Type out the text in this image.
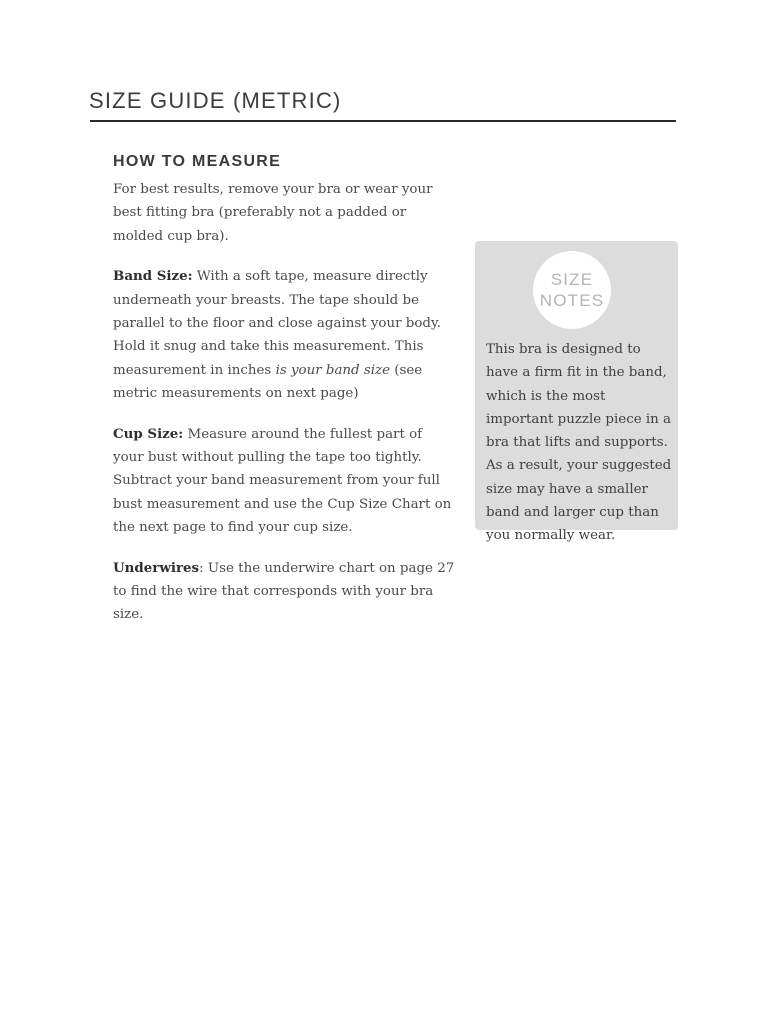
SIZE GUIDE (METRIC)
HOW TO MEASURE

For best results, remove your bra or wear your best fitting bra (preferably not a padded or molded cup bra).

Band Size: With a soft tape, measure directly underneath your breasts. The tape should be parallel to the floor and close against your body. Hold it snug and take this measurement. This measurement in inches is your band size (see metric measurements on next page)

Cup Size: Measure around the fullest part of your bust without pulling the tape too tightly. Subtract your band measurement from your full bust measurement and use the Cup Size Chart on the next page to find your cup size.

Underwires: Use the underwire chart on page 27 to find the wire that corresponds with your bra size.

SIZE
NOTES

This bra is designed to have a firm fit in the band, which is the most important puzzle piece in a bra that lifts and supports. As a result, your suggested size may have a smaller band and larger cup than you normally wear.
